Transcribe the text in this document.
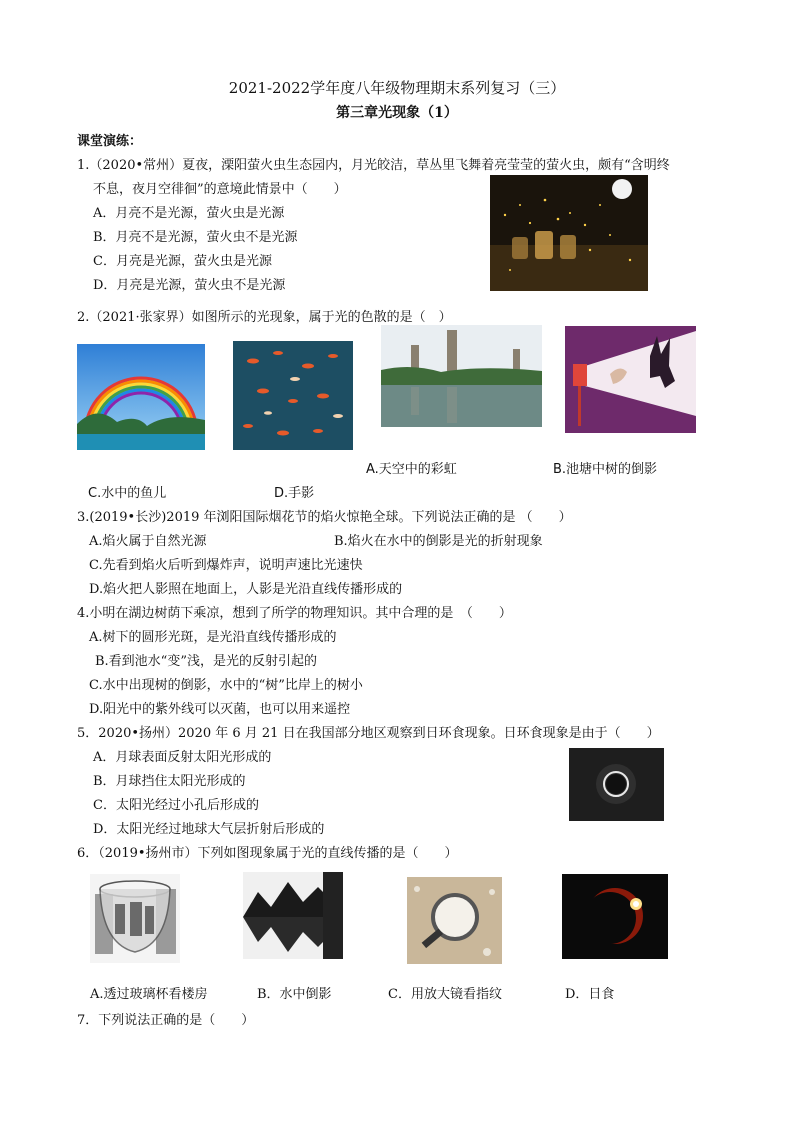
2021-2022学年度八年级物理期末系列复习（三）
第三章光现象（1）
课堂演练：
1.（2020•常州）夏夜，溧阳萤火虫生态园内，月光皎洁，草丛里飞舞着亮莹莹的萤火虫，颇有“含明终
不息，夜月空徘徊”的意境此情景中（　　）
A．月亮不是光源，萤火虫是光源
B．月亮不是光源，萤火虫不是光源
C．月亮是光源，萤火虫是光源
D．月亮是光源，萤火虫不是光源
2.（2021·张家界）如图所示的光现象，属于光的色散的是（　）
A.天空中的彩虹	B.池塘中树的倒影
C.水中的鱼儿	D.手影
3.(2019•长沙)2019 年浏阳国际烟花节的焰火惊艳全球。下列说法正确的是 （　　）
A.焰火属于自然光源	B.焰火在水中的倒影是光的折射现象
C.先看到焰火后听到爆炸声，说明声速比光速快
D.焰火把人影照在地面上，人影是光沿直线传播形成的
4.小明在湖边树荫下乘凉，想到了所学的物理知识。其中合理的是　（　　）
A.树下的圆形光斑，是光沿直线传播形成的
B.看到池水“变”浅，是光的反射引起的
C.水中出现树的倒影，水中的“树”比岸上的树小
D.阳光中的紫外线可以灭菌，也可以用来遥控
5．2020•扬州）2020 年 6 月 21 日在我国部分地区观察到日环食现象。日环食现象是由于（　　）
A．月球表面反射太阳光形成的
B．月球挡住太阳光形成的
C．太阳光经过小孔后形成的
D．太阳光经过地球大气层折射后形成的
6．（2019•扬州市）下列如图现象属于光的直线传播的是（　　）
A.透过玻璃杯看楼房	B．水中倒影	C．用放大镜看指纹	D．日食
7．下列说法正确的是（　　）
